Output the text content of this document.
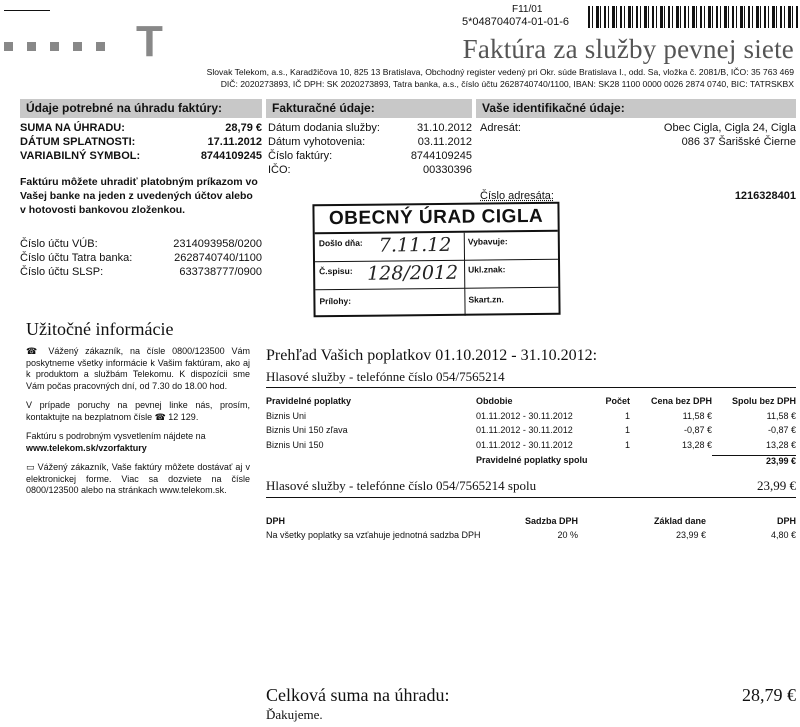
T
F11/01
5*048704074-01-01-6
Faktúra za služby pevnej siete
Slovak Telekom, a.s., Karadžičova 10, 825 13 Bratislava, Obchodný register vedený pri Okr. súde Bratislava I., odd. Sa, vložka č. 2081/B, IČO: 35 763 469
DIČ: 2020273893, IČ DPH: SK 2020273893, Tatra banka, a.s., číslo účtu 2628740740/1100, IBAN: SK28 1100 0000 0026 2874 0740, BIC: TATRSKBX
Údaje potrebné na úhradu faktúry:
SUMA NA ÚHRADU:	28,79 €
DÁTUM SPLATNOSTI:	17.11.2012
VARIABILNÝ SYMBOL:	8744109245
Faktúru môžete uhradiť platobným príkazom vo Vašej banke na jeden z uvedených účtov alebo v hotovosti bankovou zloženkou.
Číslo účtu VÚB:	2314093958/0200
Číslo účtu Tatra banka:	2628740740/1100
Číslo účtu SLSP:	633738777/0900
Fakturačné údaje:
Dátum dodania služby:	31.10.2012
Dátum vyhotovenia:	03.11.2012
Číslo faktúry:	8744109245
IČO:	00330396
Vaše identifikačné údaje:
Adresát:	Obec Cigla, Cigla 24, Cigla
086 37 Šarišské Čierne
Číslo adresáta:	1216328401
OBECNÝ ÚRAD CIGLA
Došlo dňa: 7.11.12 Vybavuje:
Č.spisu: 128/2012 Ukl.znak:
Prílohy:	Skart.zn.
Užitočné informácie
☎ Vážený zákazník, na čísle 0800/123500 Vám poskytneme všetky informácie k Vašim faktúram, ako aj k produktom a službám Telekomu. K dispozícii sme Vám počas pracovných dní, od 7.30 do 18.00 hod.
V prípade poruchy na pevnej linke nás, prosím, kontaktujte na bezplatnom čísle ☎ 12 129.
Faktúru s podrobným vysvetlením nájdete na
www.telekom.sk/vzorfaktury
▭ Vážený zákazník, Vaše faktúry môžete dostávať aj v elektronickej forme. Viac sa dozviete na čísle 0800/123500 alebo na stránkach www.telekom.sk.
Prehľad Vašich poplatkov 01.10.2012 - 31.10.2012:
Hlasové služby - telefónne číslo 054/7565214
Pravidelné poplatky	Obdobie	Počet	Cena bez DPH	Spolu bez DPH
Biznis Uni	01.11.2012 - 30.11.2012	1	11,58 €	11,58 €
Biznis Uni 150 zľava	01.11.2012 - 30.11.2012	1	-0,87 €	-0,87 €
Biznis Uni 150	01.11.2012 - 30.11.2012	1	13,28 €	13,28 €
Pravidelné poplatky spolu	23,99 €
Hlasové služby - telefónne číslo 054/7565214 spolu	23,99 €
DPH	Sadzba DPH	Základ dane	DPH
Na všetky poplatky sa vzťahuje jednotná sadzba DPH	20 %	23,99 €	4,80 €
Celková suma na úhradu:	28,79 €
Ďakujeme.
